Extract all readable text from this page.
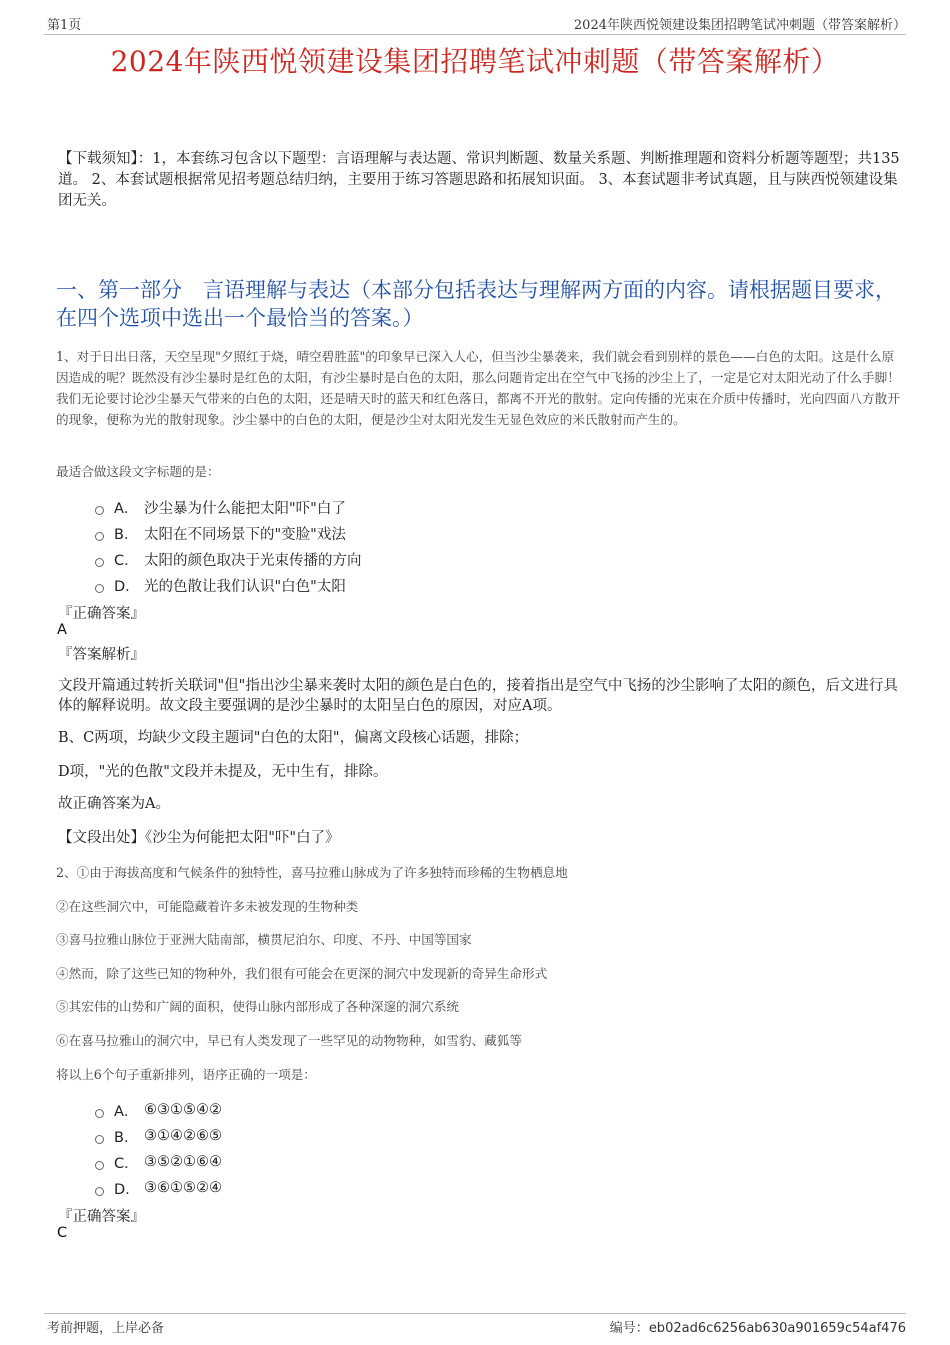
第1页	2024年陕西悦领建设集团招聘笔试冲刺题（带答案解析）
2024年陕西悦领建设集团招聘笔试冲刺题（带答案解析）
【下载须知】：1，本套练习包含以下题型：言语理解与表达题、常识判断题、数量关系题、判断推理题和资料分析题等题型；共135道。 2、本套试题根据常见招考题总结归纳，主要用于练习答题思路和拓展知识面。 3、本套试题非考试真题，且与陕西悦领建设集团无关。
一、第一部分　言语理解与表达（本部分包括表达与理解两方面的内容。请根据题目要求，在四个选项中选出一个最恰当的答案。）
1、对于日出日落，天空呈现"夕照红于烧，晴空碧胜蓝"的印象早已深入人心，但当沙尘暴袭来，我们就会看到别样的景色——白色的太阳。这是什么原因造成的呢？既然没有沙尘暴时是红色的太阳，有沙尘暴时是白色的太阳，那么问题肯定出在空气中飞扬的沙尘上了，一定是它对太阳光动了什么手脚！我们无论要讨论沙尘暴天气带来的白色的太阳，还是晴天时的蓝天和红色落日，都离不开光的散射。定向传播的光束在介质中传播时，光向四面八方散开的现象，便称为光的散射现象。沙尘暴中的白色的太阳，便是沙尘对太阳光发生无显色效应的米氏散射而产生的。
最适合做这段文字标题的是：
A． 沙尘暴为什么能把太阳"吓"白了
B． 太阳在不同场景下的"变脸"戏法
C． 太阳的颜色取决于光束传播的方向
D． 光的色散让我们认识"白色"太阳
『正确答案』
A
『答案解析』
文段开篇通过转折关联词"但"指出沙尘暴来袭时太阳的颜色是白色的，接着指出是空气中飞扬的沙尘影响了太阳的颜色，后文进行具体的解释说明。故文段主要强调的是沙尘暴时的太阳呈白色的原因，对应A项。
B、C两项，均缺少文段主题词"白色的太阳"，偏离文段核心话题，排除；
D项，"光的色散"文段并未提及，无中生有，排除。
故正确答案为A。
【文段出处】《沙尘为何能把太阳"吓"白了》
2、①由于海拔高度和气候条件的独特性，喜马拉雅山脉成为了许多独特而珍稀的生物栖息地
②在这些洞穴中，可能隐藏着许多未被发现的生物种类
③喜马拉雅山脉位于亚洲大陆南部，横贯尼泊尔、印度、不丹、中国等国家
④然而，除了这些已知的物种外，我们很有可能会在更深的洞穴中发现新的奇异生命形式
⑤其宏伟的山势和广阔的面积，使得山脉内部形成了各种深邃的洞穴系统
⑥在喜马拉雅山的洞穴中，早已有人类发现了一些罕见的动物物种，如雪豹、藏狐等
将以上6个句子重新排列，语序正确的一项是：
A． ⑥③①⑤④②
B． ③①④②⑥⑤
C． ③⑤②①⑥④
D． ③⑥①⑤②④
『正确答案』
C
考前押题，上岸必备	编号：eb02ad6c6256ab630a901659c54af476
